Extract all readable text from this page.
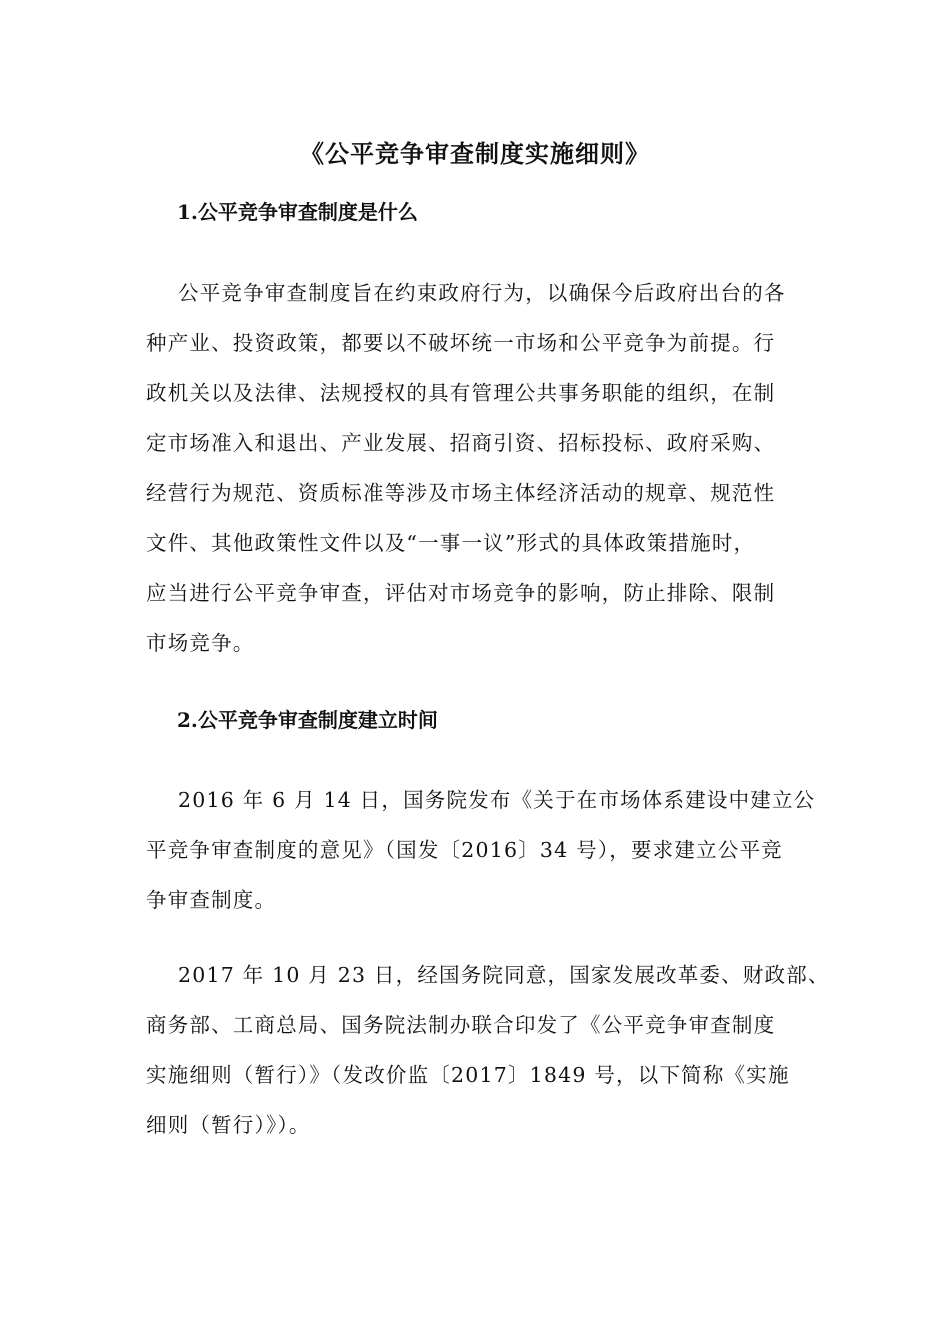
《公平竞争审查制度实施细则》
1.公平竞争审查制度是什么

公平竞争审查制度旨在约束政府行为，以确保今后政府出台的各
种产业、投资政策，都要以不破坏统一市场和公平竞争为前提。行
政机关以及法律、法规授权的具有管理公共事务职能的组织，在制
定市场准入和退出、产业发展、招商引资、招标投标、政府采购、
经营行为规范、资质标准等涉及市场主体经济活动的规章、规范性
文件、其他政策性文件以及“一事一议”形式的具体政策措施时，
应当进行公平竞争审查，评估对市场竞争的影响，防止排除、限制
市场竞争。

2.公平竞争审查制度建立时间

2016 年 6 月 14 日，国务院发布《关于在市场体系建设中建立公
平竞争审查制度的意见》（国发〔2016〕34 号），要求建立公平竞
争审查制度。

2017 年 10 月 23 日，经国务院同意，国家发展改革委、财政部、
商务部、工商总局、国务院法制办联合印发了《公平竞争审查制度
实施细则（暂行）》（发改价监〔2017〕1849 号，以下简称《实施
细则（暂行）》）。
